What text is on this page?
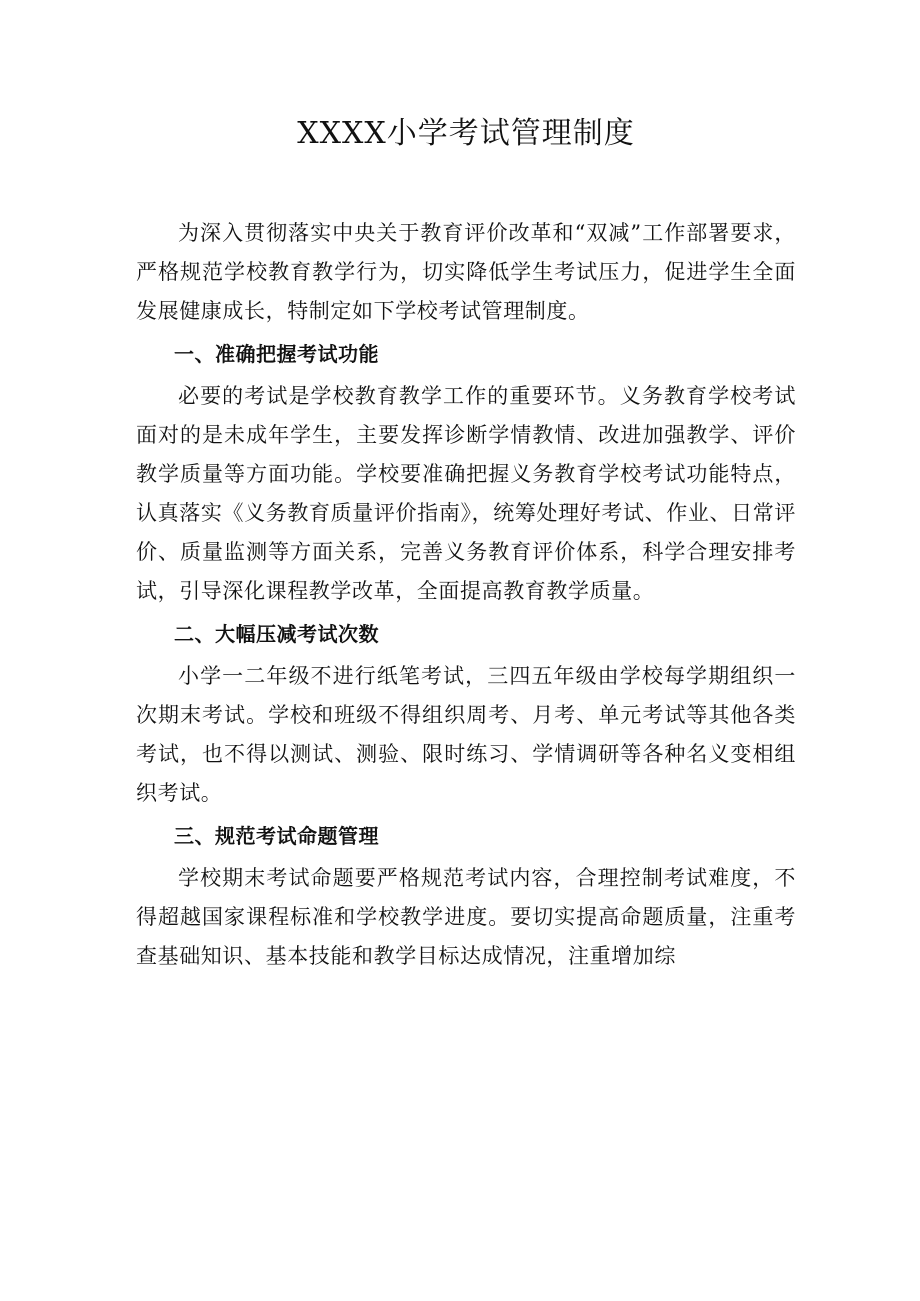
XXXX小学考试管理制度

为深入贯彻落实中央关于教育评价改革和“双减”工作部署要求，严格规范学校教育教学行为，切实降低学生考试压力，促进学生全面发展健康成长，特制定如下学校考试管理制度。

一、准确把握考试功能

必要的考试是学校教育教学工作的重要环节。义务教育学校考试面对的是未成年学生，主要发挥诊断学情教情、改进加强教学、评价教学质量等方面功能。学校要准确把握义务教育学校考试功能特点，认真落实《义务教育质量评价指南》，统筹处理好考试、作业、日常评价、质量监测等方面关系，完善义务教育评价体系，科学合理安排考试，引导深化课程教学改革，全面提高教育教学质量。

二、大幅压减考试次数

小学一二年级不进行纸笔考试，三四五年级由学校每学期组织一次期末考试。学校和班级不得组织周考、月考、单元考试等其他各类考试，也不得以测试、测验、限时练习、学情调研等各种名义变相组织考试。

三、规范考试命题管理

学校期末考试命题要严格规范考试内容，合理控制考试难度，不得超越国家课程标准和学校教学进度。要切实提高命题质量，注重考查基础知识、基本技能和教学目标达成情况，注重增加综
